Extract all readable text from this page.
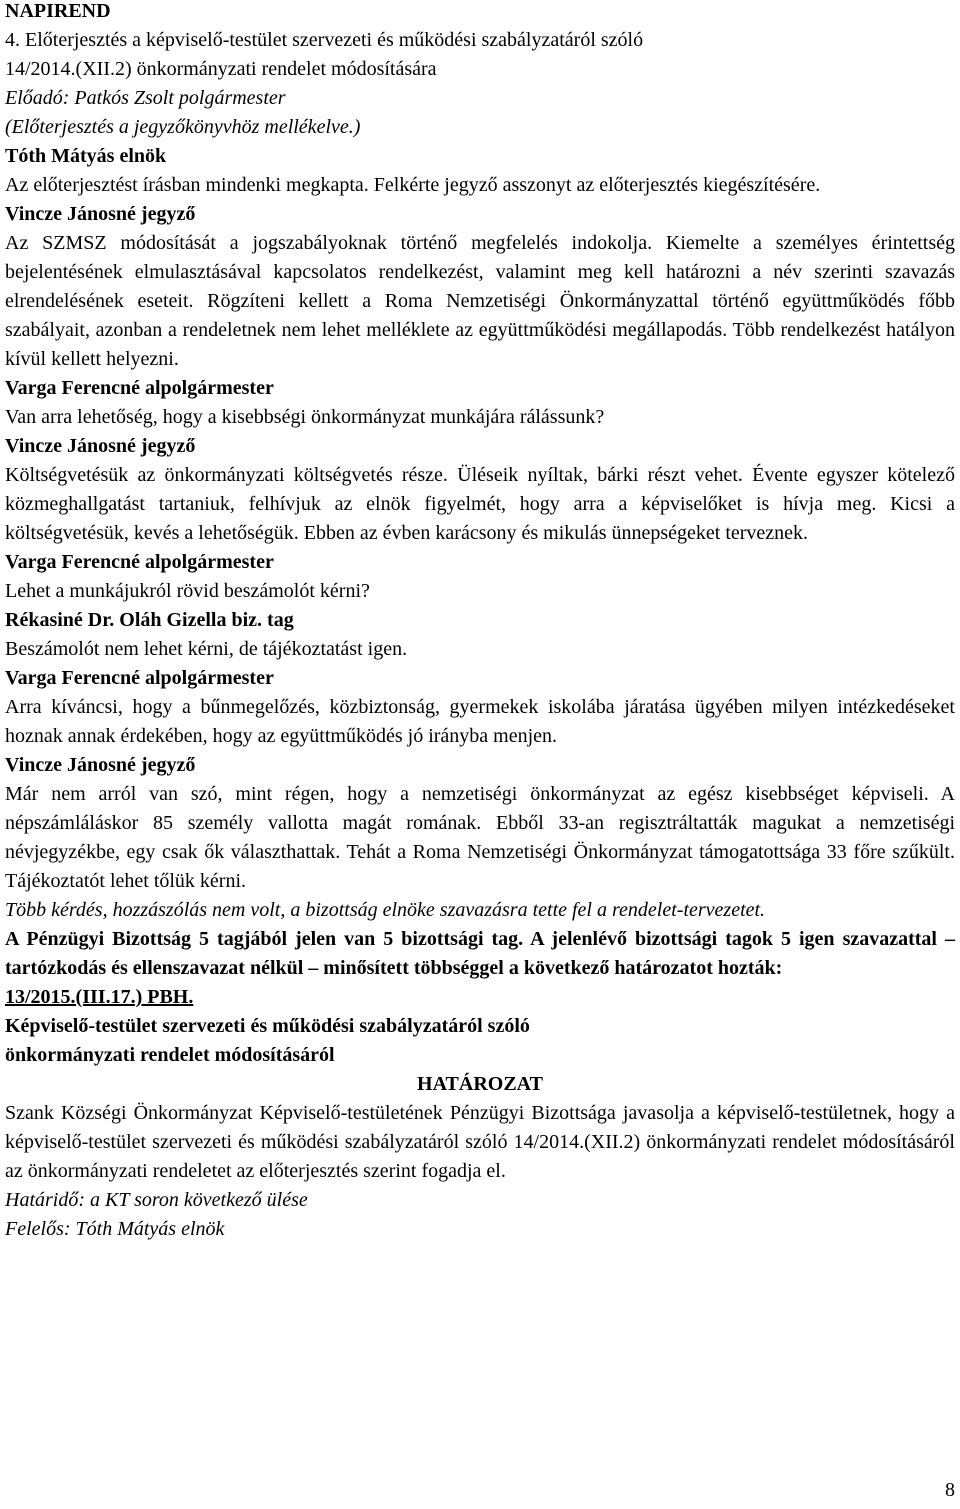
NAPIREND
4. Előterjesztés a képviselő-testület szervezeti és működési szabályzatáról szóló
14/2014.(XII.2) önkormányzati rendelet módosítására
Előadó: Patkós Zsolt polgármester
(Előterjesztés a jegyzőkönyvhöz mellékelve.)
Tóth Mátyás elnök
Az előterjesztést írásban mindenki megkapta. Felkérte jegyző asszonyt az előterjesztés kiegészítésére.
Vincze Jánosné jegyző
Az SZMSZ módosítását a jogszabályoknak történő megfelelés indokolja. Kiemelte a személyes érintettség bejelentésének elmulasztásával kapcsolatos rendelkezést, valamint meg kell határozni a név szerinti szavazás elrendelésének eseteit. Rögzíteni kellett a Roma Nemzetiségi Önkormányzattal történő együttműködés főbb szabályait, azonban a rendeletnek nem lehet melléklete az együttműködési megállapodás. Több rendelkezést hatályon kívül kellett helyezni.
Varga Ferencné alpolgármester
Van arra lehetőség, hogy a kisebbségi önkormányzat munkájára rálássunk?
Vincze Jánosné jegyző
Költségvetésük az önkormányzati költségvetés része. Üléseik nyíltak, bárki részt vehet. Évente egyszer kötelező közmeghallgatást tartaniuk, felhívjuk az elnök figyelmét, hogy arra a képviselőket is hívja meg. Kicsi a költségvetésük, kevés a lehetőségük. Ebben az évben karácsony és mikulás ünnepségeket terveznek.
Varga Ferencné alpolgármester
Lehet a munkájukról rövid beszámolót kérni?
Rékasiné Dr. Oláh Gizella biz. tag
Beszámolót nem lehet kérni, de tájékoztatást igen.
Varga Ferencné alpolgármester
Arra kíváncsi, hogy a bűnmegelőzés, közbiztonság, gyermekek iskolába járatása ügyében milyen intézkedéseket hoznak annak érdekében, hogy az együttműködés jó irányba menjen.
Vincze Jánosné jegyző
Már nem arról van szó, mint régen, hogy a nemzetiségi önkormányzat az egész kisebbséget képviseli. A népszámláláskor 85 személy vallotta magát romának. Ebből 33-an regisztráltatták magukat a nemzetiségi névjegyzékbe, egy csak ők választhattak. Tehát a Roma Nemzetiségi Önkormányzat támogatottsága 33 főre szűkült. Tájékoztatót lehet tőlük kérni.
Több kérdés, hozzászólás nem volt, a bizottság elnöke szavazásra tette fel a rendelet-tervezetet.
A Pénzügyi Bizottság 5 tagjából jelen van 5 bizottsági tag. A jelenlévő bizottsági tagok 5 igen szavazattal –tartózkodás és ellenszavazat nélkül – minősített többséggel a következő határozatot hozták:
13/2015.(III.17.) PBH.
Képviselő-testület szervezeti és működési szabályzatáról szóló
önkormányzati rendelet módosításáról
HATÁROZAT
Szank Községi Önkormányzat Képviselő-testületének Pénzügyi Bizottsága javasolja a képviselő-testületnek, hogy a képviselő-testület szervezeti és működési szabályzatáról szóló 14/2014.(XII.2) önkormányzati rendelet módosításáról az önkormányzati rendeletet az előterjesztés szerint fogadja el.
Határidő: a KT soron következő ülése
Felelős: Tóth Mátyás elnök
8
